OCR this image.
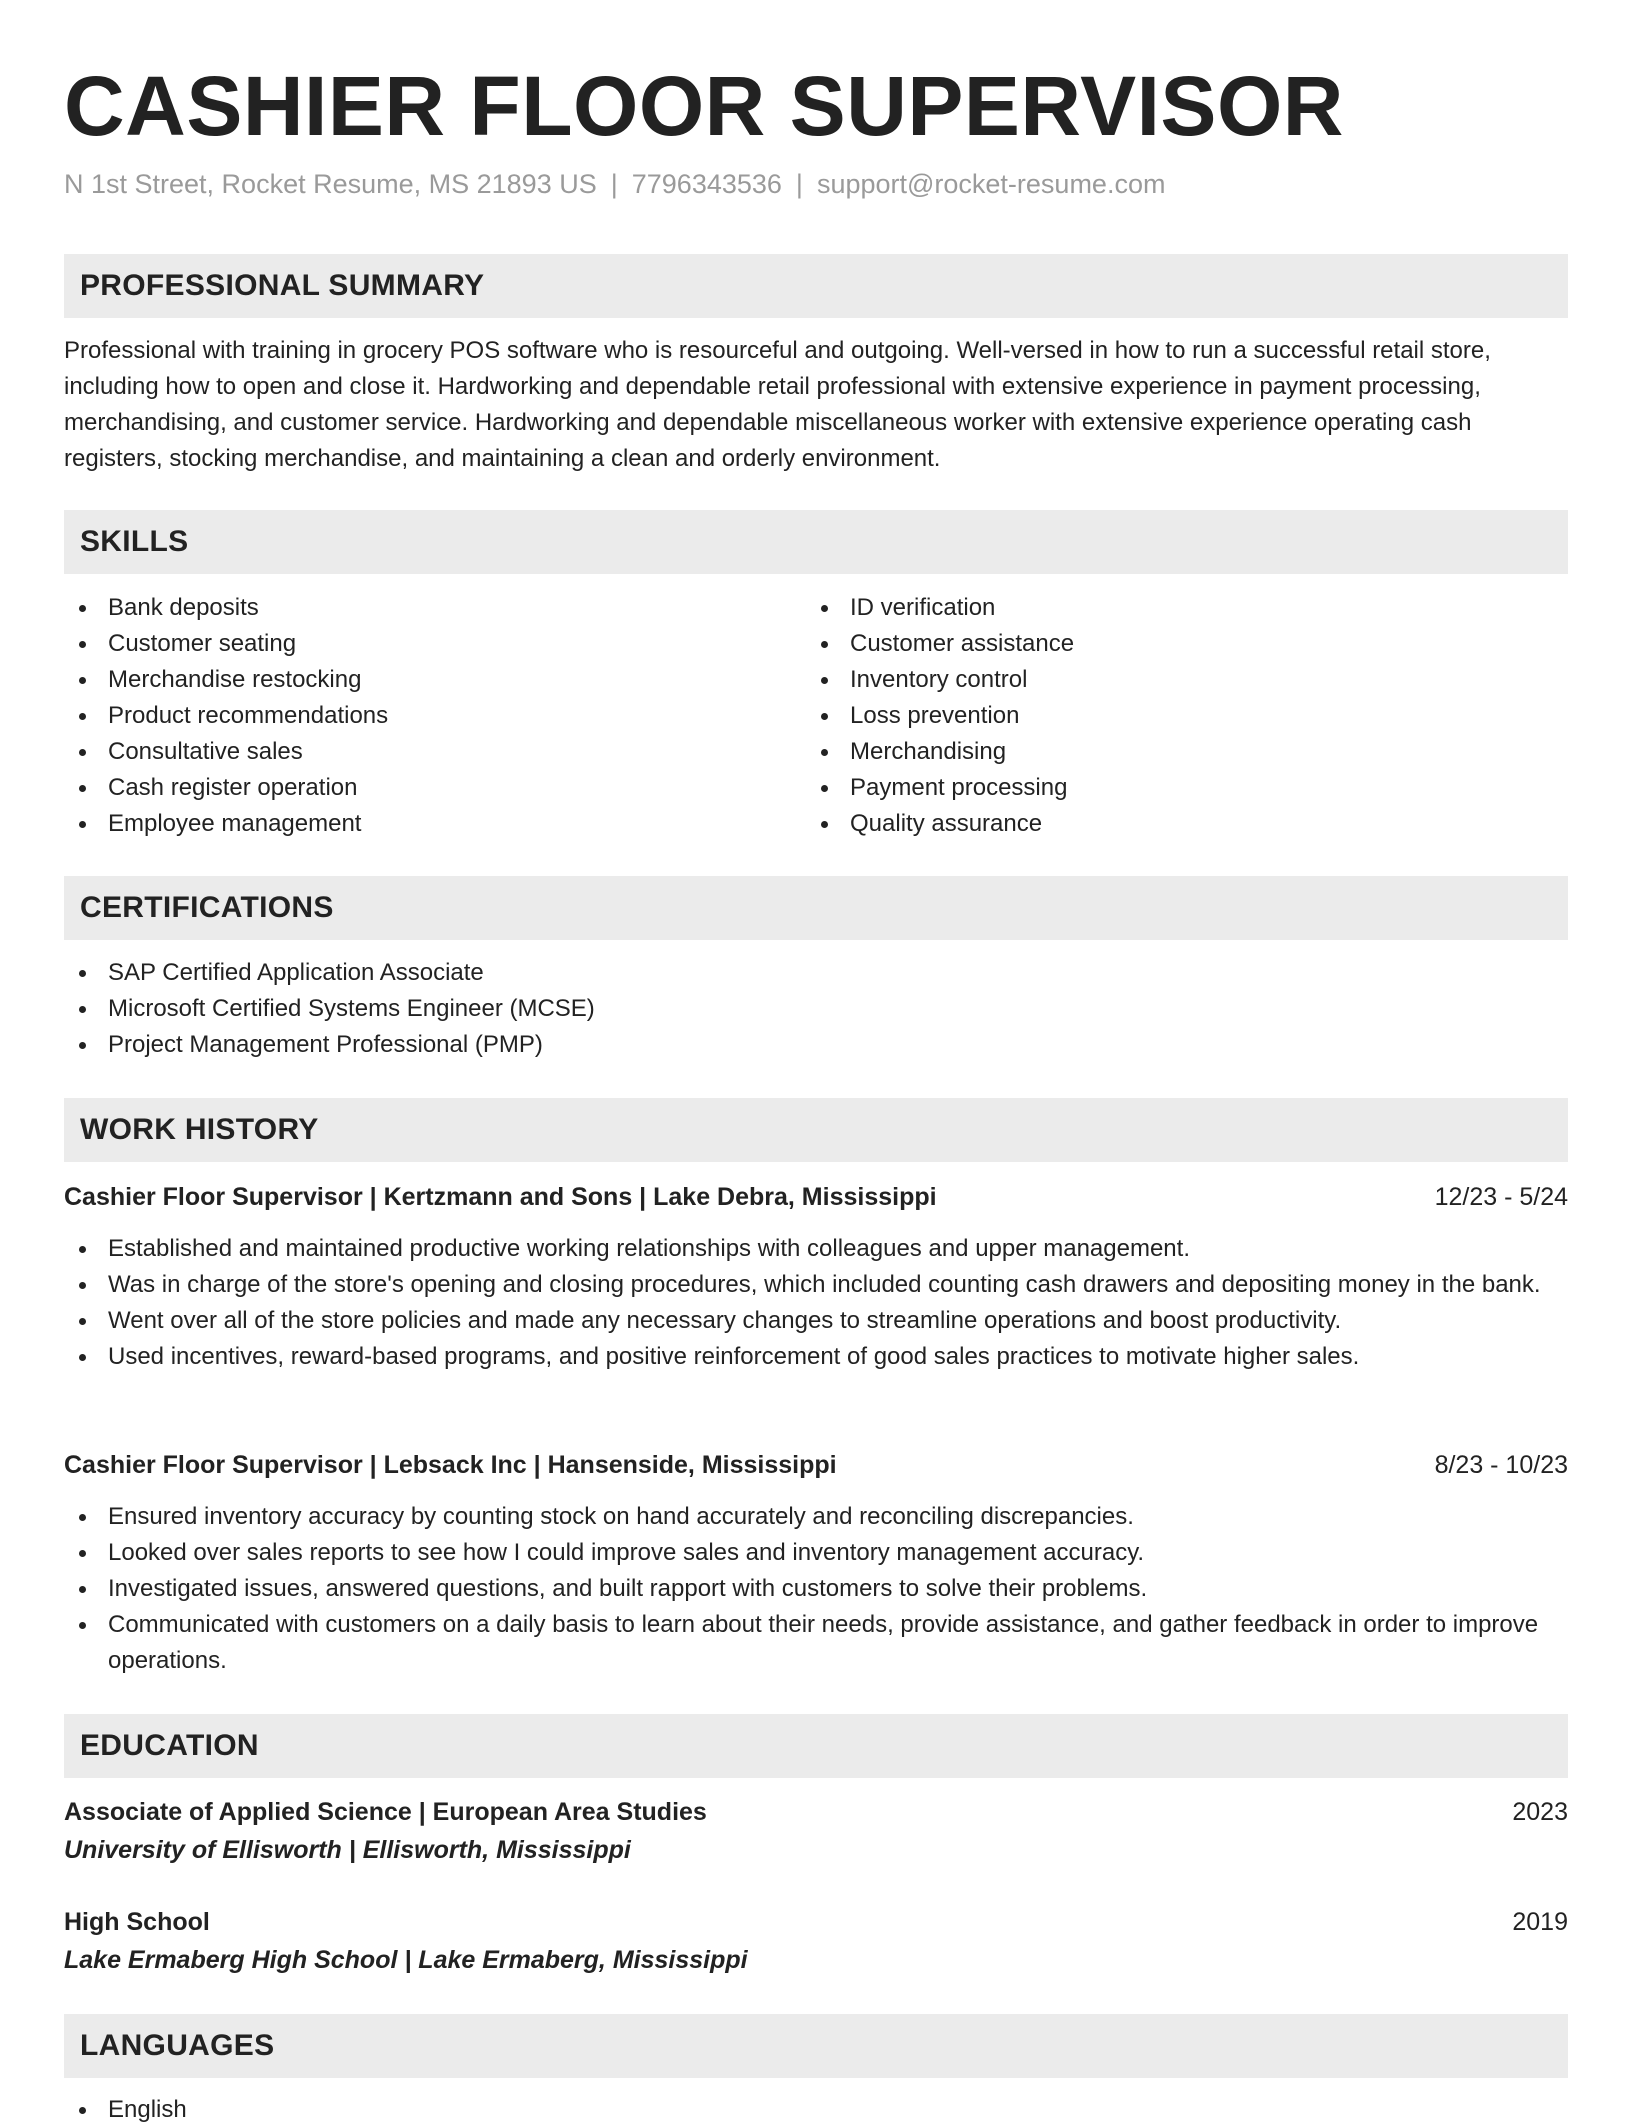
CASHIER FLOOR SUPERVISOR
N 1st Street, Rocket Resume, MS 21893 US | 7796343536 | support@rocket-resume.com
PROFESSIONAL SUMMARY

Professional with training in grocery POS software who is resourceful and outgoing. Well-versed in how to run a successful retail store, including how to open and close it. Hardworking and dependable retail professional with extensive experience in payment processing, merchandising, and customer service. Hardworking and dependable miscellaneous worker with extensive experience operating cash registers, stocking merchandise, and maintaining a clean and orderly environment.

SKILLS
Bank deposits
Customer seating
Merchandise restocking
Product recommendations
Consultative sales
Cash register operation
Employee management
ID verification
Customer assistance
Inventory control
Loss prevention
Merchandising
Payment processing
Quality assurance
CERTIFICATIONS
SAP Certified Application Associate
Microsoft Certified Systems Engineer (MCSE)
Project Management Professional (PMP)
WORK HISTORY
Cashier Floor Supervisor | Kertzmann and Sons | Lake Debra, Mississippi	12/23 - 5/24
Established and maintained productive working relationships with colleagues and upper management.
Was in charge of the store's opening and closing procedures, which included counting cash drawers and depositing money in the bank.
Went over all of the store policies and made any necessary changes to streamline operations and boost productivity.
Used incentives, reward-based programs, and positive reinforcement of good sales practices to motivate higher sales.
Cashier Floor Supervisor | Lebsack Inc | Hansenside, Mississippi	8/23 - 10/23
Ensured inventory accuracy by counting stock on hand accurately and reconciling discrepancies.
Looked over sales reports to see how I could improve sales and inventory management accuracy.
Investigated issues, answered questions, and built rapport with customers to solve their problems.
Communicated with customers on a daily basis to learn about their needs, provide assistance, and gather feedback in order to improve operations.
EDUCATION
Associate of Applied Science | European Area Studies	2023
University of Ellisworth | Ellisworth, Mississippi
High School	2019
Lake Ermaberg High School | Lake Ermaberg, Mississippi
LANGUAGES
English
